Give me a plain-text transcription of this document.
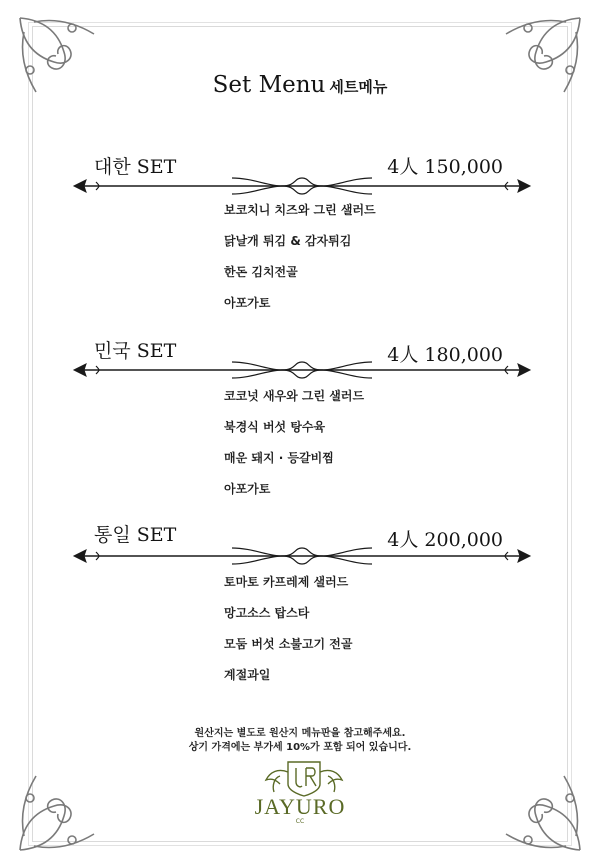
Set Menu 세트메뉴
대한 SET	4人 150,000
보코치니 치즈와 그린 샐러드
닭날개 튀김 & 감자튀김
한돈 김치전골
아포가토
민국 SET	4人 180,000
코코넛 새우와 그린 샐러드
북경식 버섯 탕수육
매운 돼지 · 등갈비찜
아포가토
통일 SET	4人 200,000
토마토 카프레제 샐러드
망고소스 탑스타
모둠 버섯 소불고기 전골
계절과일
원산지는 별도로 원산지 메뉴판을 참고해주세요.
상기 가격에는 부가세 10%가 포함 되어 있습니다.
JAYURO
CC
